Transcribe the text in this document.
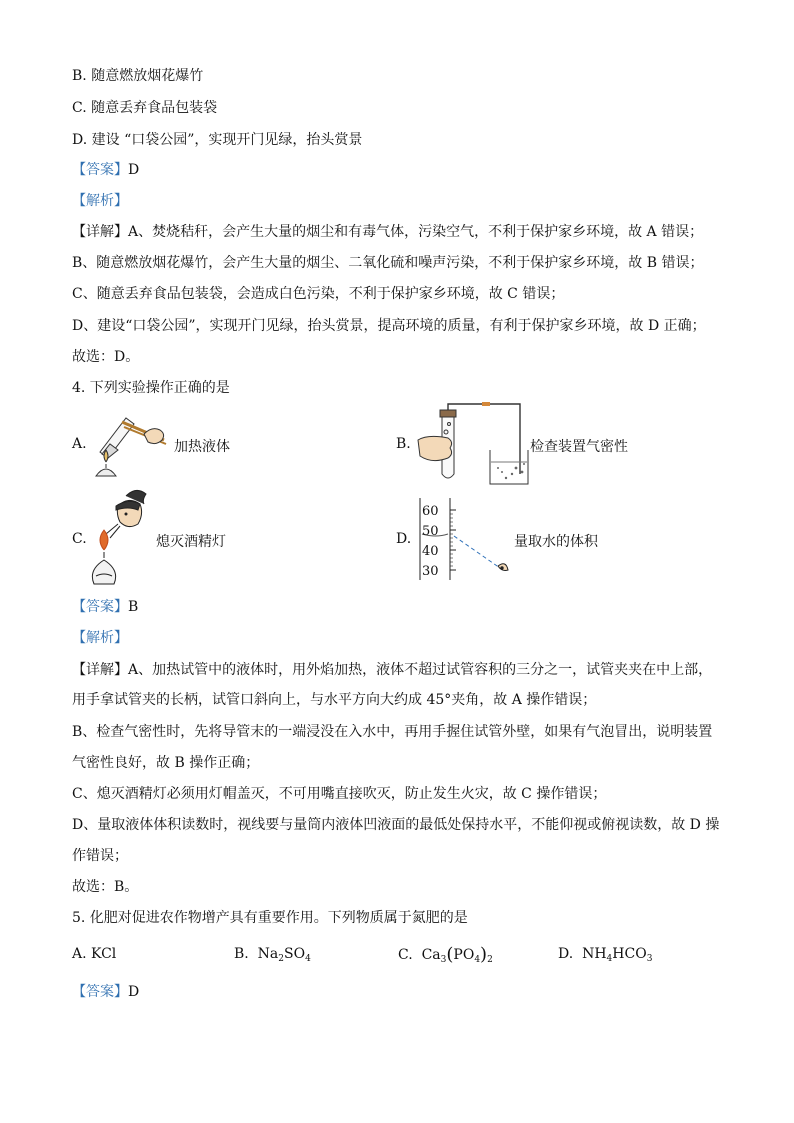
B. 随意燃放烟花爆竹
C. 随意丢弃食品包装袋
D. 建设 “口袋公园”，实现开门见绿，抬头赏景
【答案】D
【解析】
【详解】A、焚烧秸秆，会产生大量的烟尘和有毒气体，污染空气，不利于保护家乡环境，故 A 错误；
B、随意燃放烟花爆竹，会产生大量的烟尘、二氧化硫和噪声污染，不利于保护家乡环境，故 B 错误；
C、随意丢弃食品包装袋，会造成白色污染，不利于保护家乡环境，故 C 错误；
D、建设“口袋公园”，实现开门见绿，抬头赏景，提高环境的质量，有利于保护家乡环境，故 D 正确；
故选：D。
4. 下列实验操作正确的是
A.	加热液体	B.	检查装置气密性
C.	熄灭酒精灯	D.
60
50
40
30
量取水的体积
【答案】B
【解析】
【详解】A、加热试管中的液体时，用外焰加热，液体不超过试管容积的三分之一，试管夹夹在中上部，
用手拿试管夹的长柄，试管口斜向上，与水平方向大约成 45°夹角，故 A 操作错误；
B、检查气密性时，先将导管末的一端浸没在入水中，再用手握住试管外壁，如果有气泡冒出，说明装置
气密性良好，故 B 操作正确；
C、熄灭酒精灯必须用灯帽盖灭，不可用嘴直接吹灭，防止发生火灾，故 C 操作错误；
D、量取液体体积读数时，视线要与量筒内液体凹液面的最低处保持水平，不能仰视或俯视读数，故 D 操
作错误；
故选：B。
5. 化肥对促进农作物增产具有重要作用。下列物质属于氮肥的是
A. KCl	B.  $Na_2SO_4$	C.  $Ca_3(PO_4)_2$	D.  $NH_4HCO_3$
【答案】D
